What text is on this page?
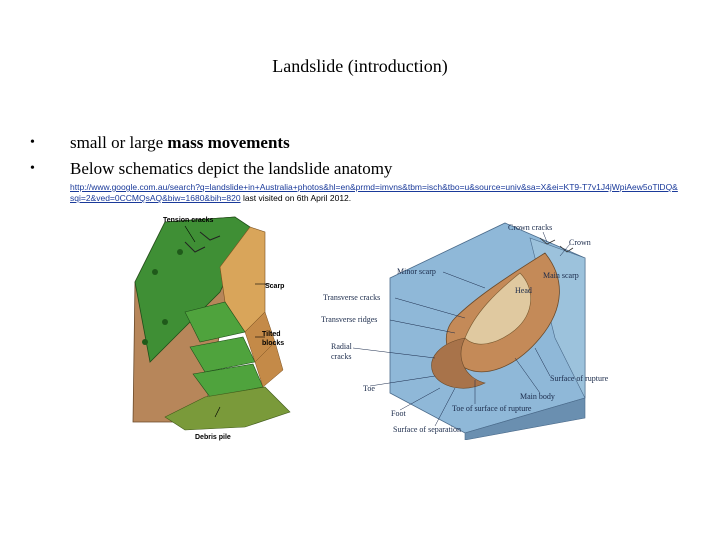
Landslide (introduction)
• small or large mass movements
• Below schematics depict the landslide anatomy
http://www.google.com.au/search?q=landslide+in+Australia+photos&hl=en&prmd=imvns&tbm=isch&tbo=u&source=univ&sa=X&ei=KT9-T7v1J4jWpiAew5oTlDQ&sqi=2&ved=0CCMQsAQ&biw=1680&bih=820 last visited on 6th April 2012.
Tension cracks
Scarp
Tilted
blocks
Debris pile
Main scarp
Head
Crown cracks
Crown
Minor scarp
Transverse cracks
Transverse ridges
Radial
cracks
Toe
Foot
Toe of surface of rupture
Surface of separation
Main body
Surface of rupture
